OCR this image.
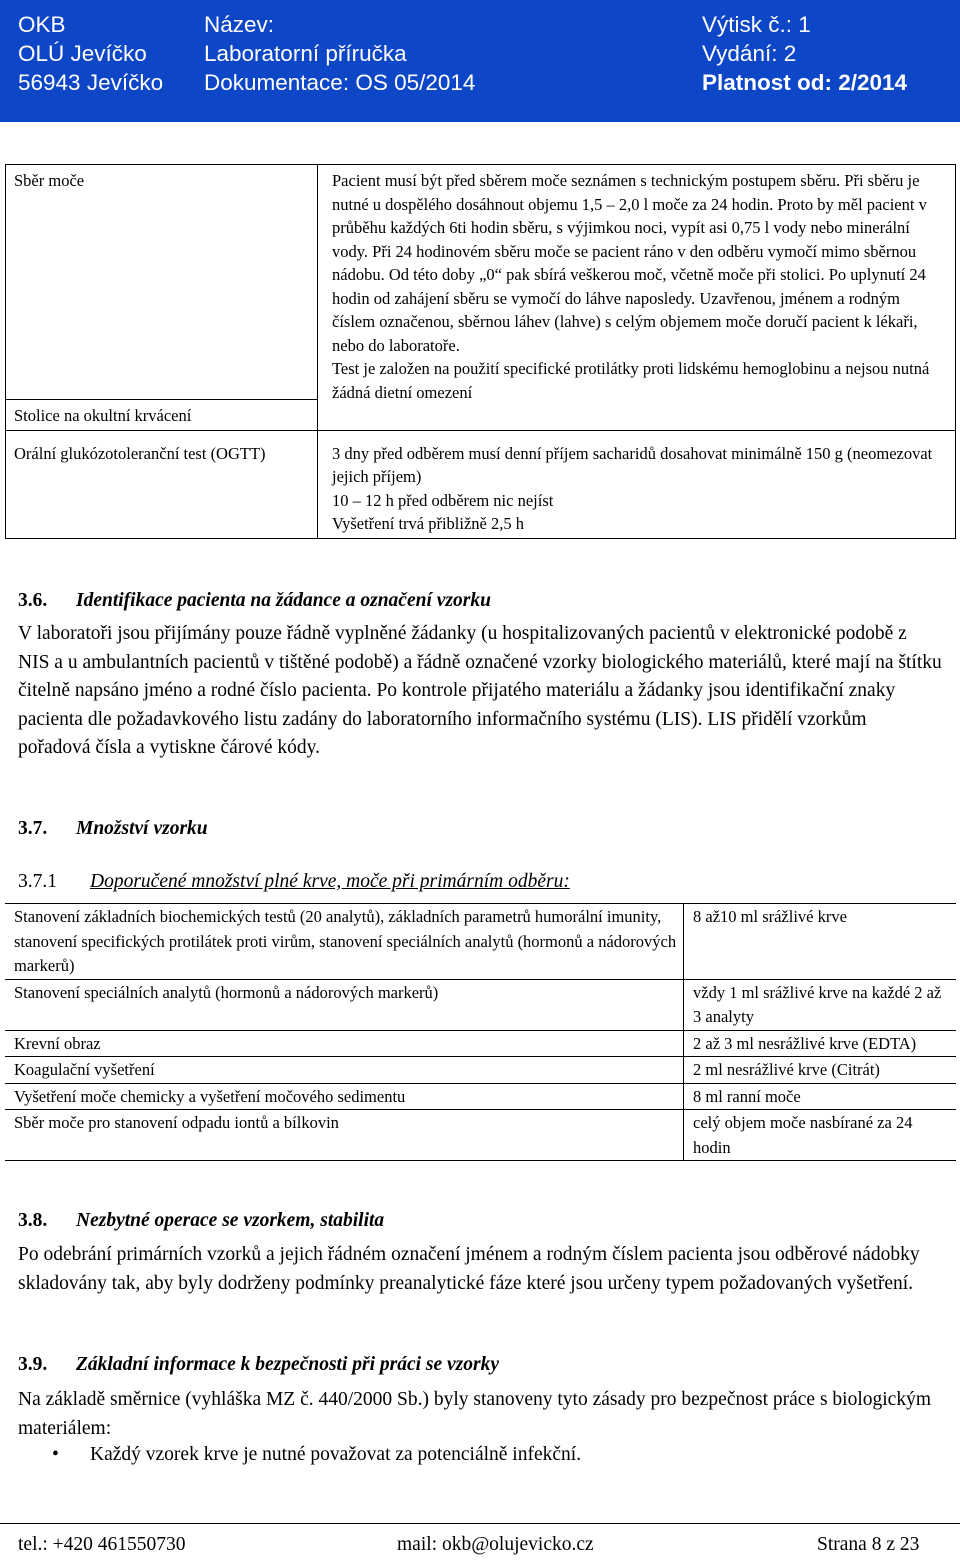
OKB
OLÚ Jevíčko
56943 Jevíčko
Název:
Laboratorní příručka
Dokumentace: OS 05/2014
Výtisk č.: 1
Vydání: 2
Platnost od: 2/2014
Sběr moče	Pacient musí být před sběrem moče seznámen s technickým postupem sběru. Při sběru je nutné u dospělého dosáhnout objemu 1,5 – 2,0 l moče za 24 hodin. Proto by měl pacient v průběhu každých 6ti hodin sběru, s výjimkou noci, vypít asi 0,75 l vody nebo minerální vody. Při 24 hodinovém sběru moče se pacient ráno v den odběru vymočí mimo sběrnou nádobu. Od této doby „0“ pak sbírá veškerou moč, včetně moče při stolici. Po uplynutí 24 hodin od zahájení sběru se vymočí do láhve naposledy. Uzavřenou, jménem a rodným číslem označenou, sběrnou láhev (lahve) s celým objemem moče doručí pacient k lékaři, nebo do laboratoře.
Test je založen na použití specifické protilátky proti lidskému hemoglobinu a nejsou nutná žádná dietní omezení

Stolice na okultní krvácení	
Orální glukózotoleranční test (OGTT)	3 dny před odběrem musí denní příjem sacharidů dosahovat minimálně 150 g (neomezovat jejich příjem)
10 – 12 h před odběrem nic nejíst
Vyšetření trvá přibližně 2,5 h
3.6. Identifikace pacienta na žádance a označení vzorku
V laboratoři jsou přijímány pouze řádně vyplněné žádanky (u hospitalizovaných pacientů v elektronické podobě z NIS a u ambulantních pacientů v tištěné podobě) a řádně označené vzorky biologického materiálů, které mají na štítku čitelně napsáno jméno a rodné číslo pacienta. Po kontrole přijatého materiálu a žádanky jsou identifikační znaky pacienta dle požadavkového listu zadány do laboratorního informačního systému (LIS). LIS přidělí vzorkům pořadová čísla a vytiskne čárové kódy.
3.7. Množství vzorku
3.7.1 Doporučené množství plné krve, moče při primárním odběru:
Stanovení základních biochemických testů (20 analytů), základních parametrů humorální imunity, stanovení specifických protilátek proti virům, stanovení speciálních analytů (hormonů a nádorových markerů)	8 až10 ml srážlivé krve
Stanovení speciálních analytů (hormonů a nádorových markerů)	vždy 1 ml srážlivé krve na každé 2 až 3 analyty
Krevní obraz	2 až 3 ml nesrážlivé krve (EDTA)
Koagulační vyšetření	2 ml nesrážlivé krve (Citrát)
Vyšetření moče chemicky a vyšetření močového sedimentu	8 ml ranní moče
Sběr moče pro stanovení odpadu iontů a bílkovin	celý objem moče nasbírané za 24 hodin
3.8. Nezbytné operace se vzorkem, stabilita
Po odebrání primárních vzorků a jejich řádném označení jménem a rodným číslem pacienta jsou odběrové nádobky skladovány tak, aby byly dodrženy podmínky preanalytické fáze které jsou určeny typem požadovaných vyšetření.
3.9. Základní informace k bezpečnosti při práci se vzorky
Na základě směrnice (vyhláška MZ č. 440/2000 Sb.) byly stanoveny tyto zásady pro bezpečnost práce s biologickým materiálem:
• Každý vzorek krve je nutné považovat za potenciálně infekční.
tel.: +420 461550730	mail: okb@olujevicko.cz	Strana 8 z 23
